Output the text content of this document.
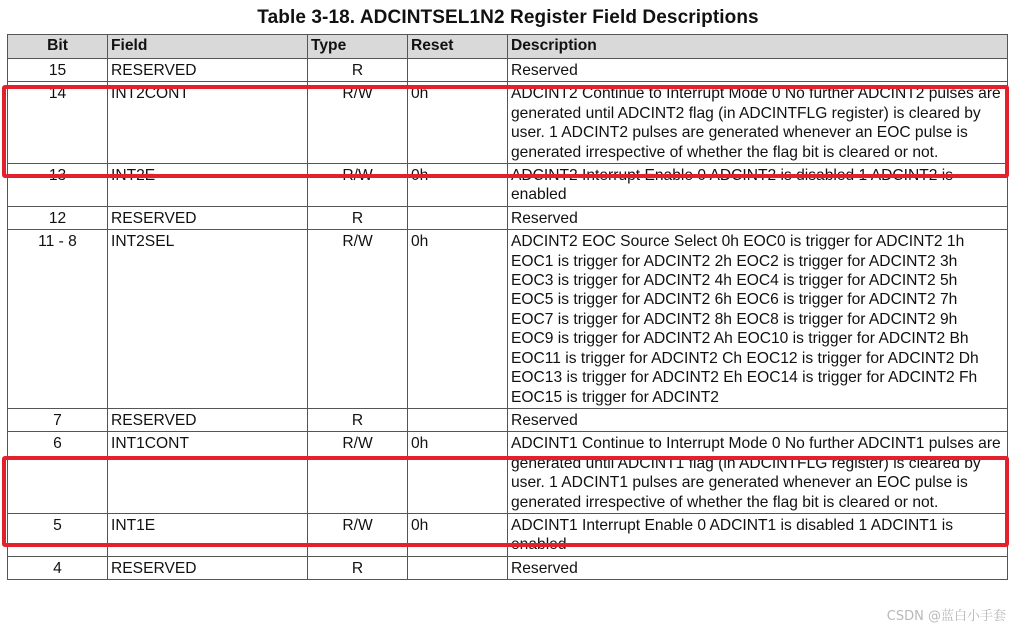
Table 3-18. ADCINTSEL1N2 Register Field Descriptions
Bit	Field	Type	Reset	Description
15	RESERVED	R		Reserved
14	INT2CONT	R/W	0h	ADCINT2 Continue to Interrupt Mode 0 No further ADCINT2 pulses are generated until ADCINT2 flag (in ADCINTFLG register) is cleared by user. 1 ADCINT2 pulses are generated whenever an EOC pulse is generated irrespective of whether the flag bit is cleared or not.
13	INT2E	R/W	0h	ADCINT2 Interrupt Enable 0 ADCINT2 is disabled 1 ADCINT2 is enabled
12	RESERVED	R		Reserved
11 - 8	INT2SEL	R/W	0h	ADCINT2 EOC Source Select 0h EOC0 is trigger for ADCINT2 1h EOC1 is trigger for ADCINT2 2h EOC2 is trigger for ADCINT2 3h EOC3 is trigger for ADCINT2 4h EOC4 is trigger for ADCINT2 5h EOC5 is trigger for ADCINT2 6h EOC6 is trigger for ADCINT2 7h EOC7 is trigger for ADCINT2 8h EOC8 is trigger for ADCINT2 9h EOC9 is trigger for ADCINT2 Ah EOC10 is trigger for ADCINT2 Bh EOC11 is trigger for ADCINT2 Ch EOC12 is trigger for ADCINT2 Dh EOC13 is trigger for ADCINT2 Eh EOC14 is trigger for ADCINT2 Fh EOC15 is trigger for ADCINT2
7	RESERVED	R		Reserved
6	INT1CONT	R/W	0h	ADCINT1 Continue to Interrupt Mode 0 No further ADCINT1 pulses are generated until ADCINT1 flag (in ADCINTFLG register) is cleared by user. 1 ADCINT1 pulses are generated whenever an EOC pulse is generated irrespective of whether the flag bit is cleared or not.
5	INT1E	R/W	0h	ADCINT1 Interrupt Enable 0 ADCINT1 is disabled 1 ADCINT1 is enabled
4	RESERVED	R		Reserved
CSDN @蓝白小手套
